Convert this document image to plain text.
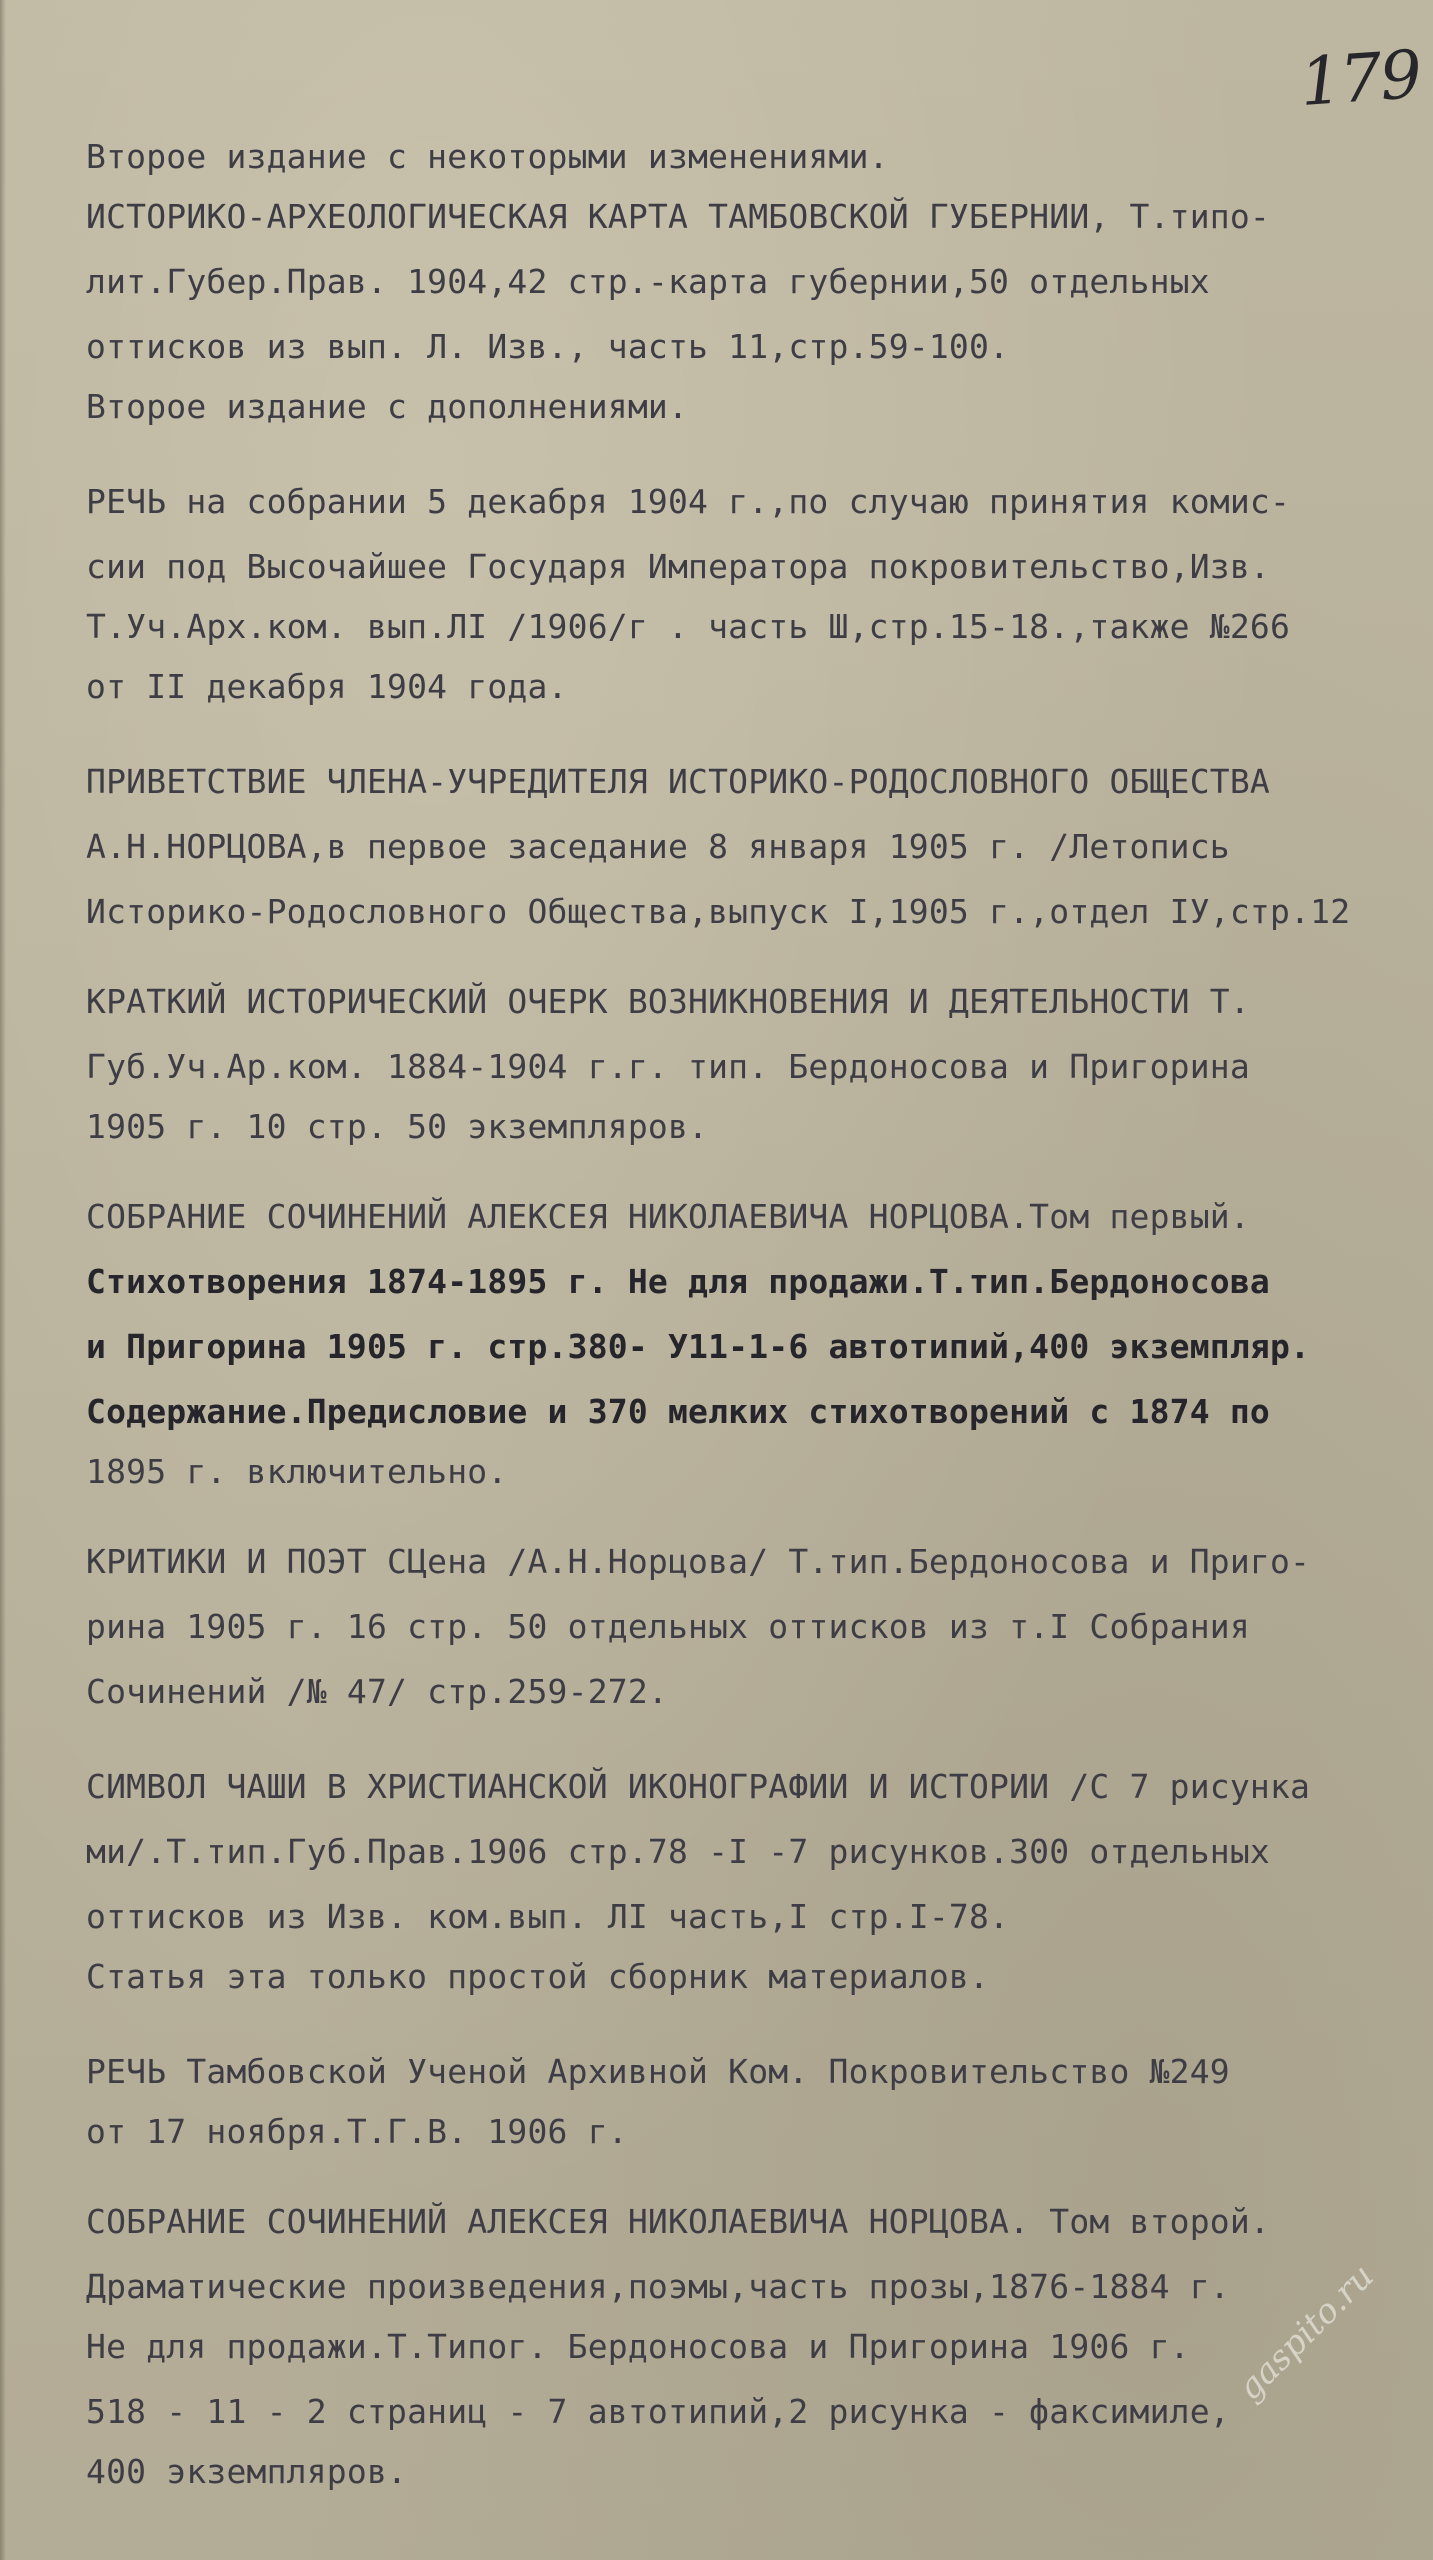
179
Второе издание с некоторыми изменениями.
ИСТОРИКО-АРХЕОЛОГИЧЕСКАЯ КАРТА ТАМБОВСКОЙ ГУБЕРНИИ, Т.типо-
лит.Губер.Прав. 1904,42 стр.-карта губернии,50 отдельных
оттисков из вып. Л. Изв., часть 11,стр.59-100.
Второе издание с дополнениями.
РЕЧЬ на собрании 5 декабря 1904 г.,по случаю принятия комис-
сии под Высочайшее Государя Императора покровительство,Изв.
Т.Уч.Арх.ком. вып.ЛI /1906/г . часть Ш,стр.15-18.,также №266
от II декабря 1904 года.
ПРИВЕТСТВИЕ ЧЛЕНА-УЧРЕДИТЕЛЯ ИСТОРИКО-РОДОСЛОВНОГО ОБЩЕСТВА
А.Н.НОРЦОВА,в первое заседание 8 января 1905 г. /Летопись
Историко-Родословного Общества,выпуск I,1905 г.,отдел IУ,стр.12
КРАТКИЙ ИСТОРИЧЕСКИЙ ОЧЕРК ВОЗНИКНОВЕНИЯ И ДЕЯТЕЛЬНОСТИ Т.
Губ.Уч.Ар.ком. 1884-1904 г.г. тип. Бердоносова и Пригорина
1905 г. 10 стр. 50 экземпляров.
СОБРАНИЕ СОЧИНЕНИЙ АЛЕКСЕЯ НИКОЛАЕВИЧА НОРЦОВА.Том первый.
Стихотворения 1874-1895 г. Не для продажи.Т.тип.Бердоносова
и Пригорина 1905 г. стр.380- У11-1-6 автотипий,400 экземпляр.
Содержание.Предисловие и 370 мелких стихотворений с 1874 по
1895 г. включительно.
КРИТИКИ И ПОЭТ СЦена /А.Н.Норцова/ Т.тип.Бердоносова и Приго-
рина 1905 г. 16 стр. 50 отдельных оттисков из т.I Собрания
Сочинений /№ 47/ стр.259-272.
СИМВОЛ ЧАШИ В ХРИСТИАНСКОЙ ИКОНОГРАФИИ И ИСТОРИИ /С 7 рисунка
ми/.Т.тип.Губ.Прав.1906 стр.78 -I -7 рисунков.300 отдельных
оттисков из Изв. ком.вып. ЛI часть,I стр.I-78.
Статья эта только простой сборник материалов.
РЕЧЬ Тамбовской Ученой Архивной Ком. Покровительство №249
от 17 ноября.Т.Г.В. 1906 г.
СОБРАНИЕ СОЧИНЕНИЙ АЛЕКСЕЯ НИКОЛАЕВИЧА НОРЦОВА. Том второй.
Драматические произведения,поэмы,часть прозы,1876-1884 г.
Не для продажи.Т.Типог. Бердоносова и Пригорина 1906 г.
518 - 11 - 2 страниц - 7 автотипий,2 рисунка - факсимиле,
400 экземпляров.
gaspito.ru
